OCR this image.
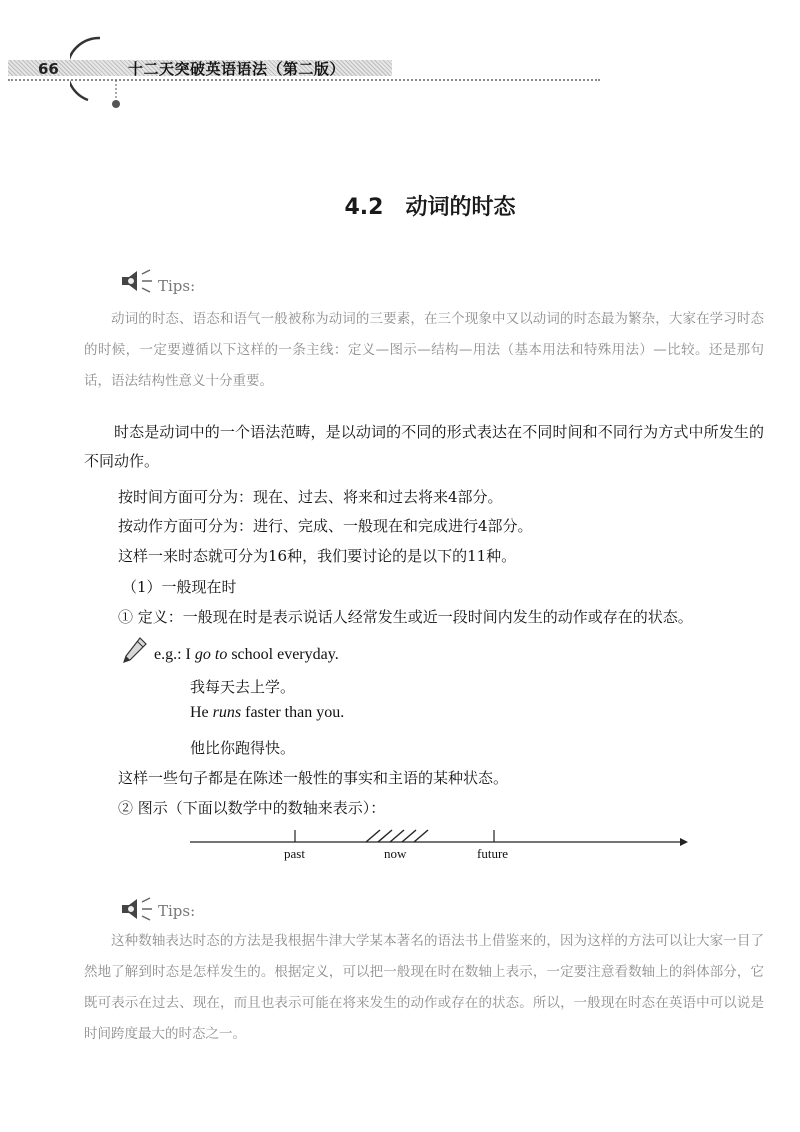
66	十二天突破英语语法（第二版）
4.2　动词的时态
Tips:
动词的时态、语态和语气一般被称为动词的三要素，在三个现象中又以动词的时态最为繁杂，大家在学习时态的时候，一定要遵循以下这样的一条主线：定义—图示—结构—用法（基本用法和特殊用法）—比较。还是那句话，语法结构性意义十分重要。
时态是动词中的一个语法范畴，是以动词的不同的形式表达在不同时间和不同行为方式中所发生的不同动作。
按时间方面可分为：现在、过去、将来和过去将来4部分。
按动作方面可分为：进行、完成、一般现在和完成进行4部分。
这样一来时态就可分为16种，我们要讨论的是以下的11种。
（1）一般现在时
① 定义：一般现在时是表示说话人经常发生或近一段时间内发生的动作或存在的状态。
e.g.: I go to school everyday.
我每天去上学。
He runs faster than you.
他比你跑得快。
这样一些句子都是在陈述一般性的事实和主语的某种状态。
② 图示（下面以数学中的数轴来表示）：
past	now	future
Tips:
这种数轴表达时态的方法是我根据牛津大学某本著名的语法书上借鉴来的，因为这样的方法可以让大家一目了然地了解到时态是怎样发生的。根据定义，可以把一般现在时在数轴上表示，一定要注意看数轴上的斜体部分，它既可表示在过去、现在，而且也表示可能在将来发生的动作或存在的状态。所以，一般现在时态在英语中可以说是时间跨度最大的时态之一。
